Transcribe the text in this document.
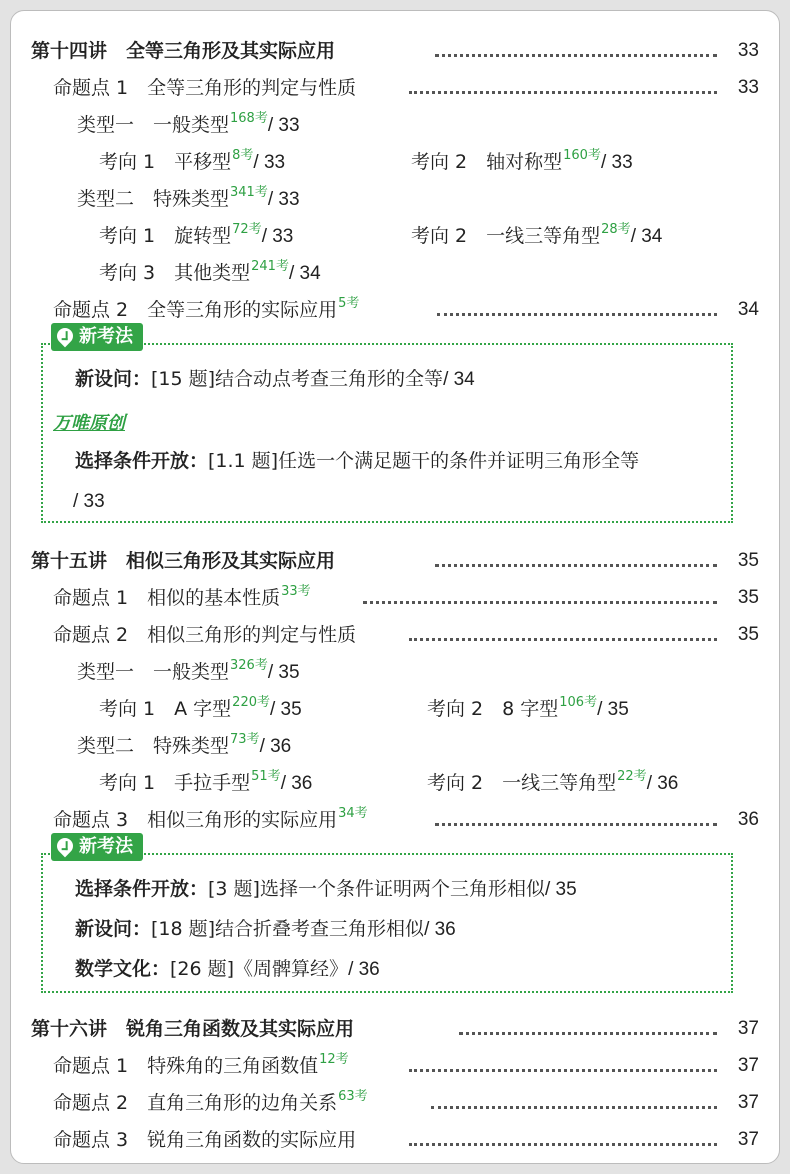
第十四讲　全等三角形及其实际应用	33
命题点 1　全等三角形的判定与性质	33
类型一　一般类型$^{168考}$/ 33
考向 1　平移型$^{8考}$/ 33	考向 2　轴对称型$^{160考}$/ 33
类型二　特殊类型$^{341考}$/ 33
考向 1　旋转型$^{72考}$/ 33	考向 2　一线三等角型$^{28考}$/ 34
考向 3　其他类型$^{241考}$/ 34
命题点 2　全等三角形的实际应用$^{5考}$	34
新考法
新设问：[15 题]结合动点考查三角形的全等/ 34
万唯原创
选择条件开放：[1.1 题]任选一个满足题干的条件并证明三角形全等
/ 33
第十五讲　相似三角形及其实际应用	35
命题点 1　相似的基本性质$^{33考}$	35
命题点 2　相似三角形的判定与性质	35
类型一　一般类型$^{326考}$/ 35
考向 1　A 字型$^{220考}$/ 35	考向 2　8 字型$^{106考}$/ 35
类型二　特殊类型$^{73考}$/ 36
考向 1　手拉手型$^{51考}$/ 36	考向 2　一线三等角型$^{22考}$/ 36
命题点 3　相似三角形的实际应用$^{34考}$	36
新考法
选择条件开放：[3 题]选择一个条件证明两个三角形相似/ 35
新设问：[18 题]结合折叠考查三角形相似/ 36
数学文化：[26 题]《周髀算经》/ 36
第十六讲　锐角三角函数及其实际应用	37
命题点 1　特殊角的三角函数值$^{12考}$	37
命题点 2　直角三角形的边角关系$^{63考}$	37
命题点 3　锐角三角函数的实际应用	37
